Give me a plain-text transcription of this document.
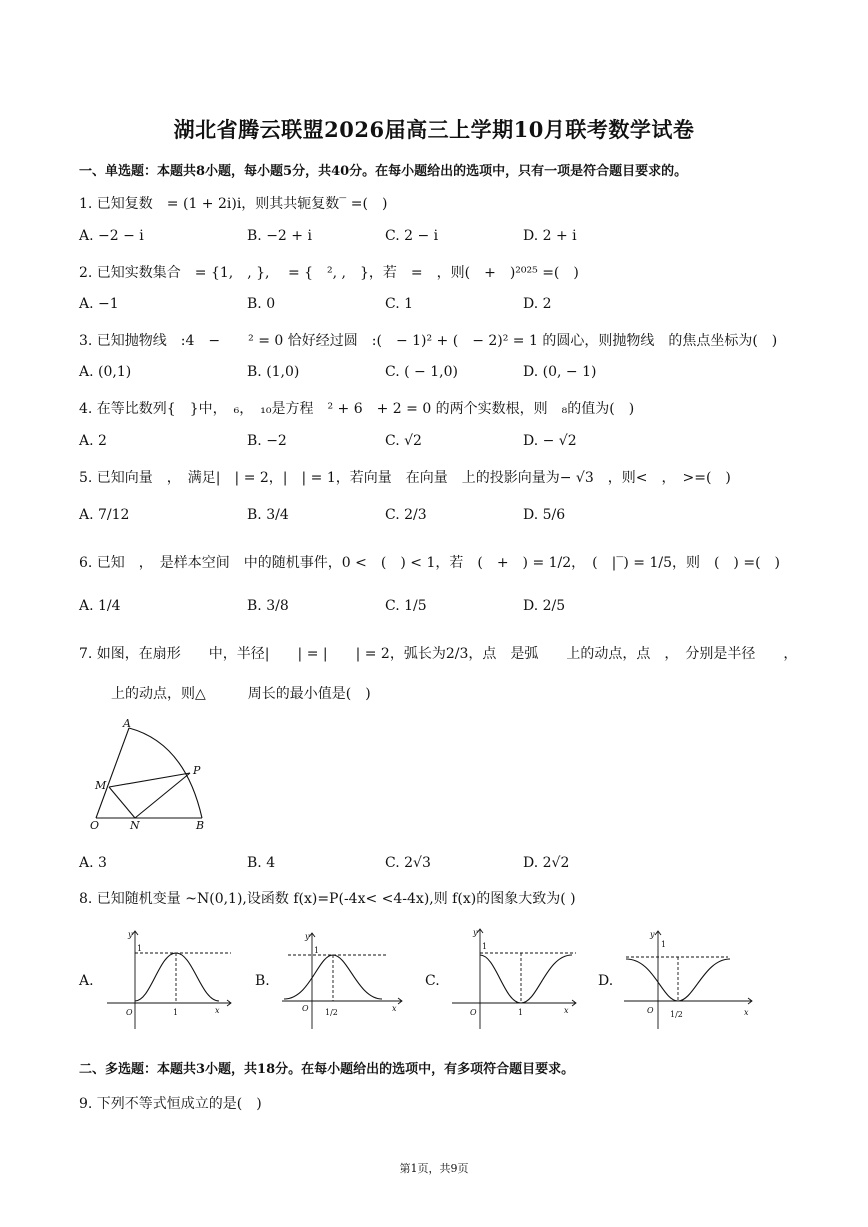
湖北省腾云联盟2026届高三上学期10月联考数学试卷
一、单选题：本题共8小题，每小题5分，共40分。在每小题给出的选项中，只有一项是符合题目要求的。
1. 已知复数　= (1 + 2i)i，则其共轭复数‾ =(　)
A. −2 − i	B. −2 + i	C. 2 − i	D. 2 + i
2. 已知实数集合　= {1,　, },　 = {　², ,　}，若　=　，则(　+　)²⁰²⁵ =(　)
A. −1	B. 0	C. 1	D. 2
3. 已知抛物线　:4　−　　² = 0 恰好经过圆　:(　− 1)² + (　− 2)² = 1 的圆心，则抛物线　的焦点坐标为(　)
A. (0,1)	B. (1,0)	C. ( − 1,0)	D. (0, − 1)
4. 在等比数列{　}中，　₆，　₁₀是方程　² + 6　+ 2 = 0 的两个实数根，则　₈的值为(　)
A. 2	B. −2	C. √2	D. − √2
5. 已知向量　，　满足|　| = 2，|　| = 1，若向量　在向量　上的投影向量为− √3　，则<　，　>=(　)
A. 7/12	B. 3/4	C. 2/3	D. 5/6
6. 已知　，　是样本空间　中的随机事件，0 <　(　) < 1，若　(　+　) = 1/2，　(　|‾) = 1/5，则　(　) =(　)
A. 1/4	B. 3/8	C. 1/5	D. 2/5
7. 如图，在扇形　　中，半径|　　| = |　　| = 2，弧长为2/3，点　是弧　　上的动点，点　，　分别是半径　　，
　上的动点，则△　　　周长的最小值是(　)
A
P
M
O	N	B
A. 3	B. 4	C. 2√3	D. 2√2
8. 已知随机变量 ~N(0,1),设函数 f(x)=P(-4x< <4-4x),则 f(x)的图象大致为( )
A.	B.	C.	D.
y
1
O	1	x
y
1
O 1/2	x
y
1
O	1	x
y
1
O 1/2	x
二、多选题：本题共3小题，共18分。在每小题给出的选项中，有多项符合题目要求。
9. 下列不等式恒成立的是(　)
第1页，共9页
